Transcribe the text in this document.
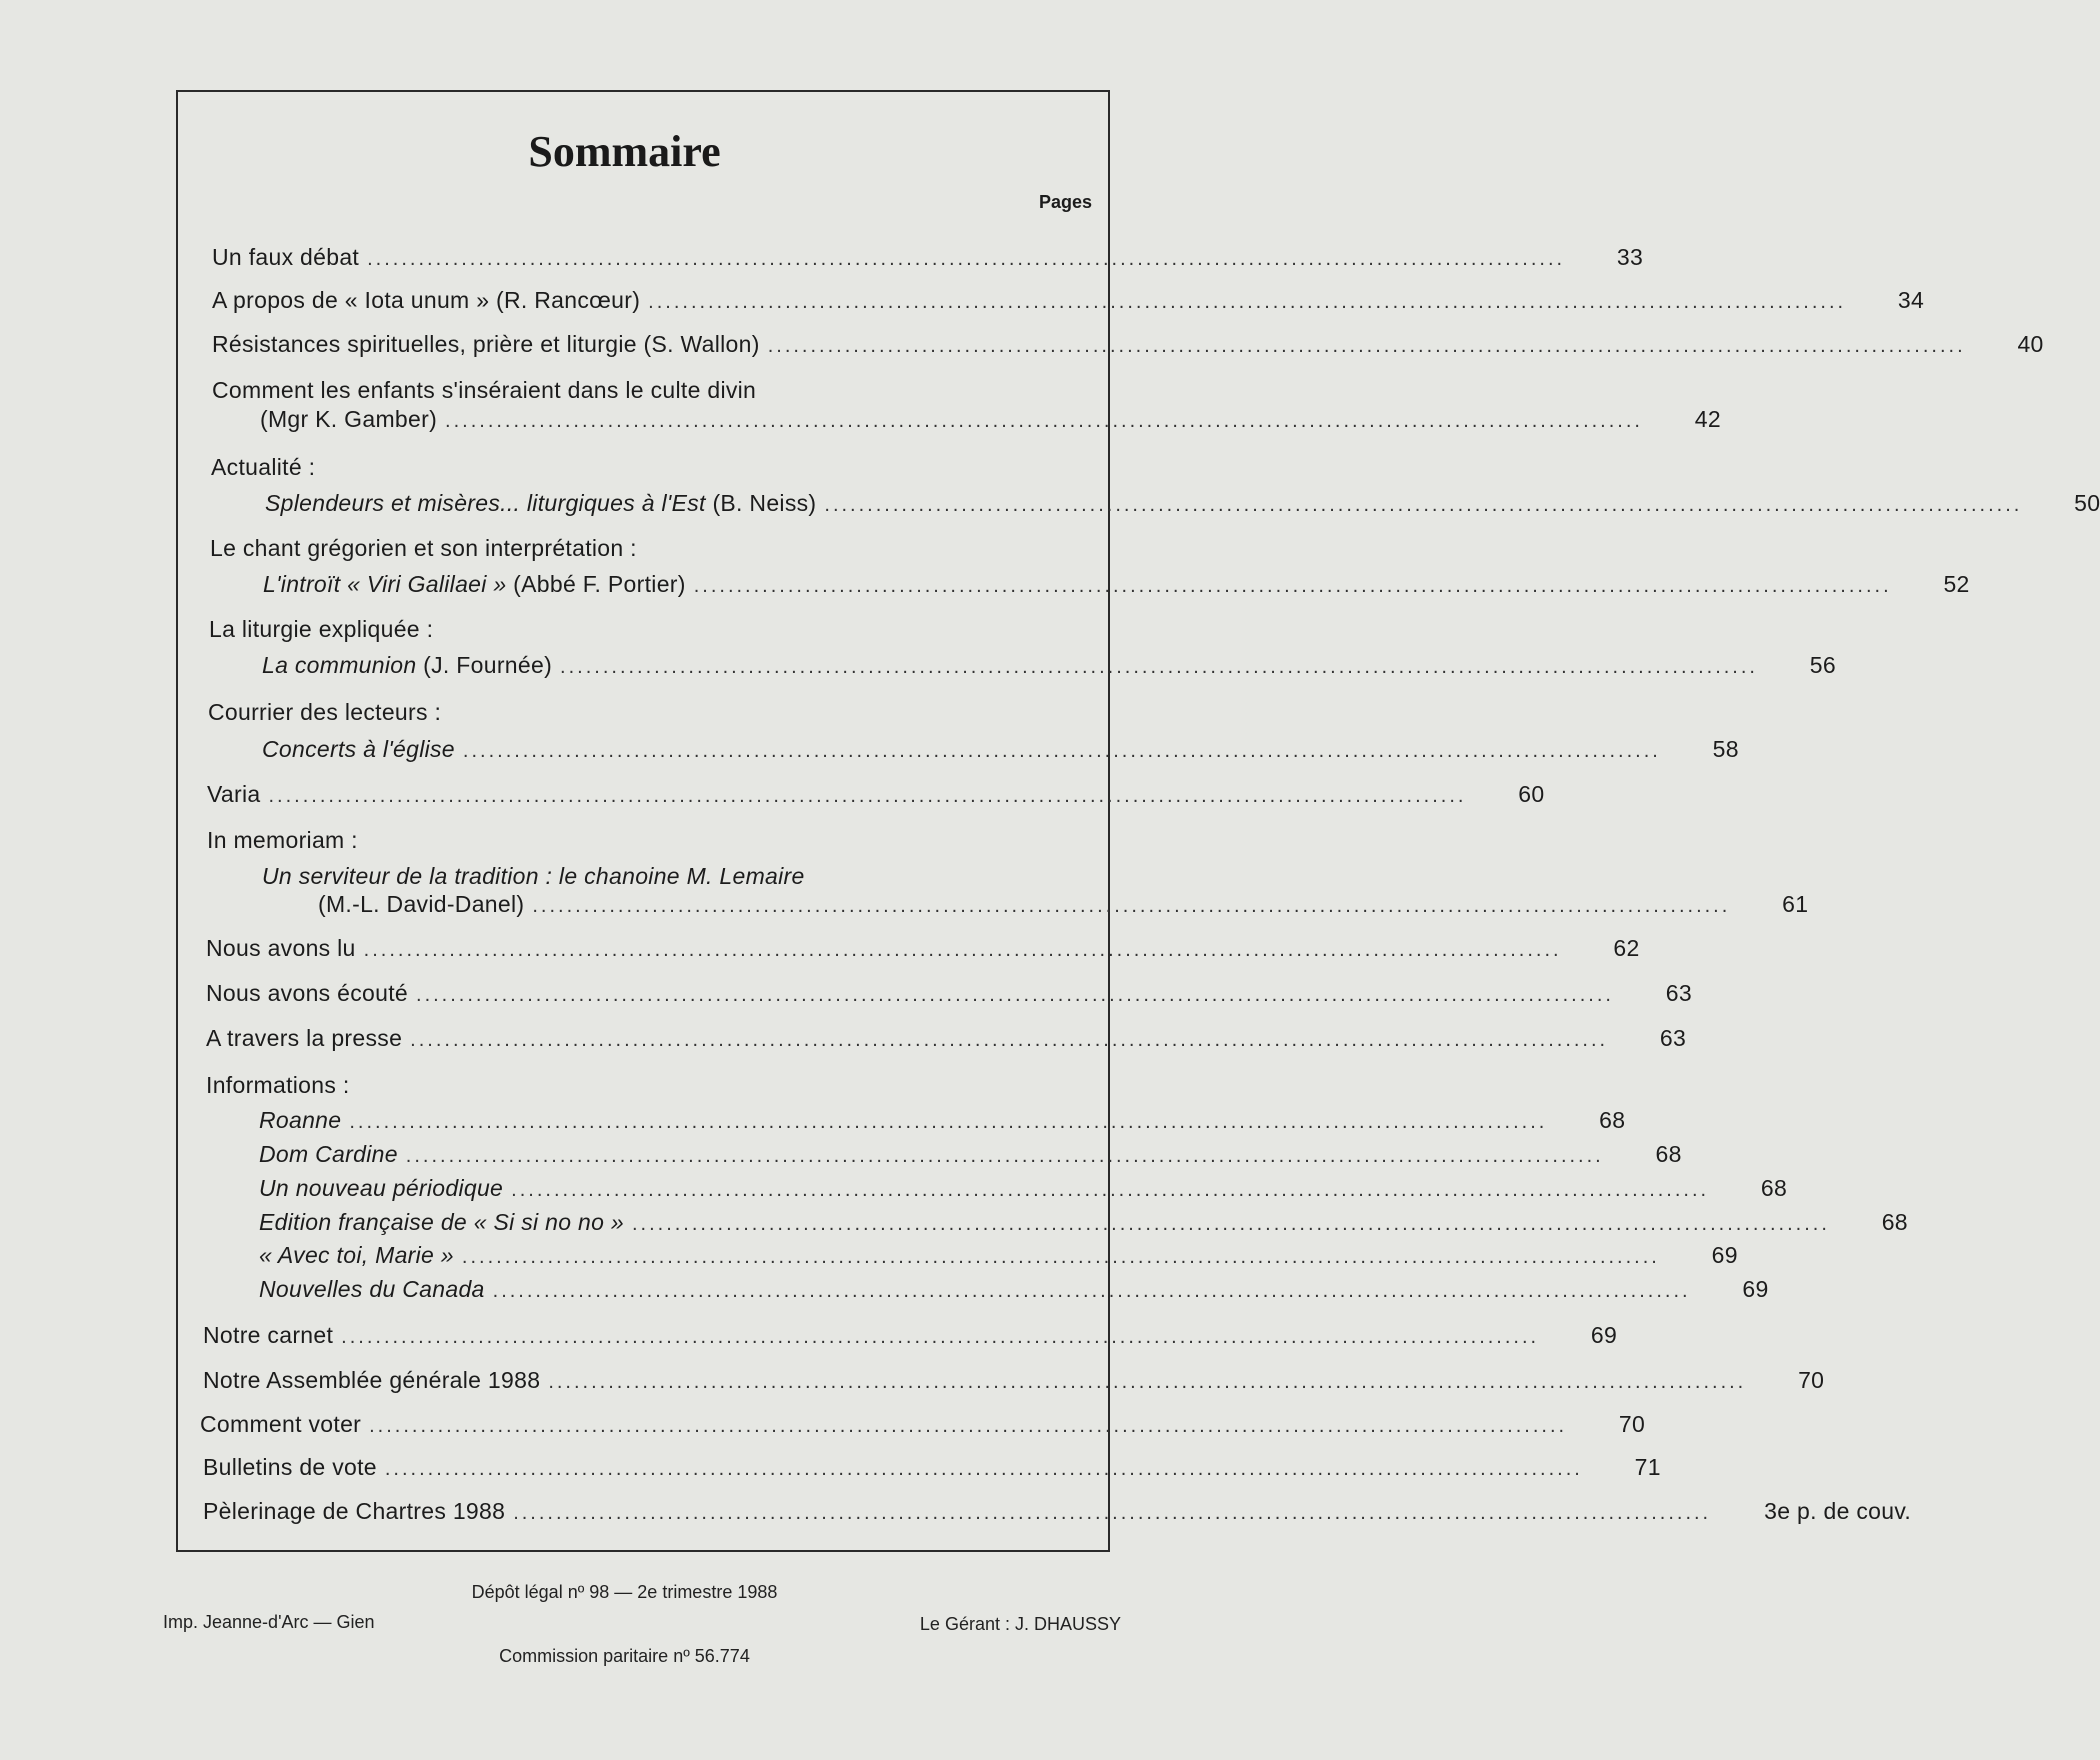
Sommaire
Pages
Un faux débat ............................................................................................................................................	33
A propos de « Iota unum » (R. Rancœur) ............................................................................................................................................	34
Résistances spirituelles, prière et liturgie (S. Wallon) ............................................................................................................................................	40
Comment les enfants s'inséraient dans le culte divin
(Mgr K. Gamber) ............................................................................................................................................	42
Actualité :
Splendeurs et misères... liturgiques à l'Est (B. Neiss) ............................................................................................................................................	50
Le chant grégorien et son interprétation :
L'introït « Viri Galilaei » (Abbé F. Portier) ............................................................................................................................................	52
La liturgie expliquée :
La communion (J. Fournée) ............................................................................................................................................	56
Courrier des lecteurs :
Concerts à l'église ............................................................................................................................................	58
Varia ............................................................................................................................................	60
In memoriam :
Un serviteur de la tradition : le chanoine M. Lemaire
(M.-L. David-Danel) ............................................................................................................................................	61
Nous avons lu ............................................................................................................................................	62
Nous avons écouté ............................................................................................................................................	63
A travers la presse ............................................................................................................................................	63
Informations :
Roanne ............................................................................................................................................	68
Dom Cardine ............................................................................................................................................	68
Un nouveau périodique ............................................................................................................................................	68
Edition française de « Si si no no » ............................................................................................................................................	68
« Avec toi, Marie » ............................................................................................................................................	69
Nouvelles du Canada ............................................................................................................................................	69
Notre carnet ............................................................................................................................................	69
Notre Assemblée générale 1988 ............................................................................................................................................	70
Comment voter ............................................................................................................................................	70
Bulletins de vote ............................................................................................................................................	71
Pèlerinage de Chartres 1988 ............................................................................................................................................	3e p. de couv.
Dépôt légal nº 98 — 2e trimestre 1988
Imp. Jeanne-d'Arc — Gien	Le Gérant : J. DHAUSSY
Commission paritaire nº 56.774
